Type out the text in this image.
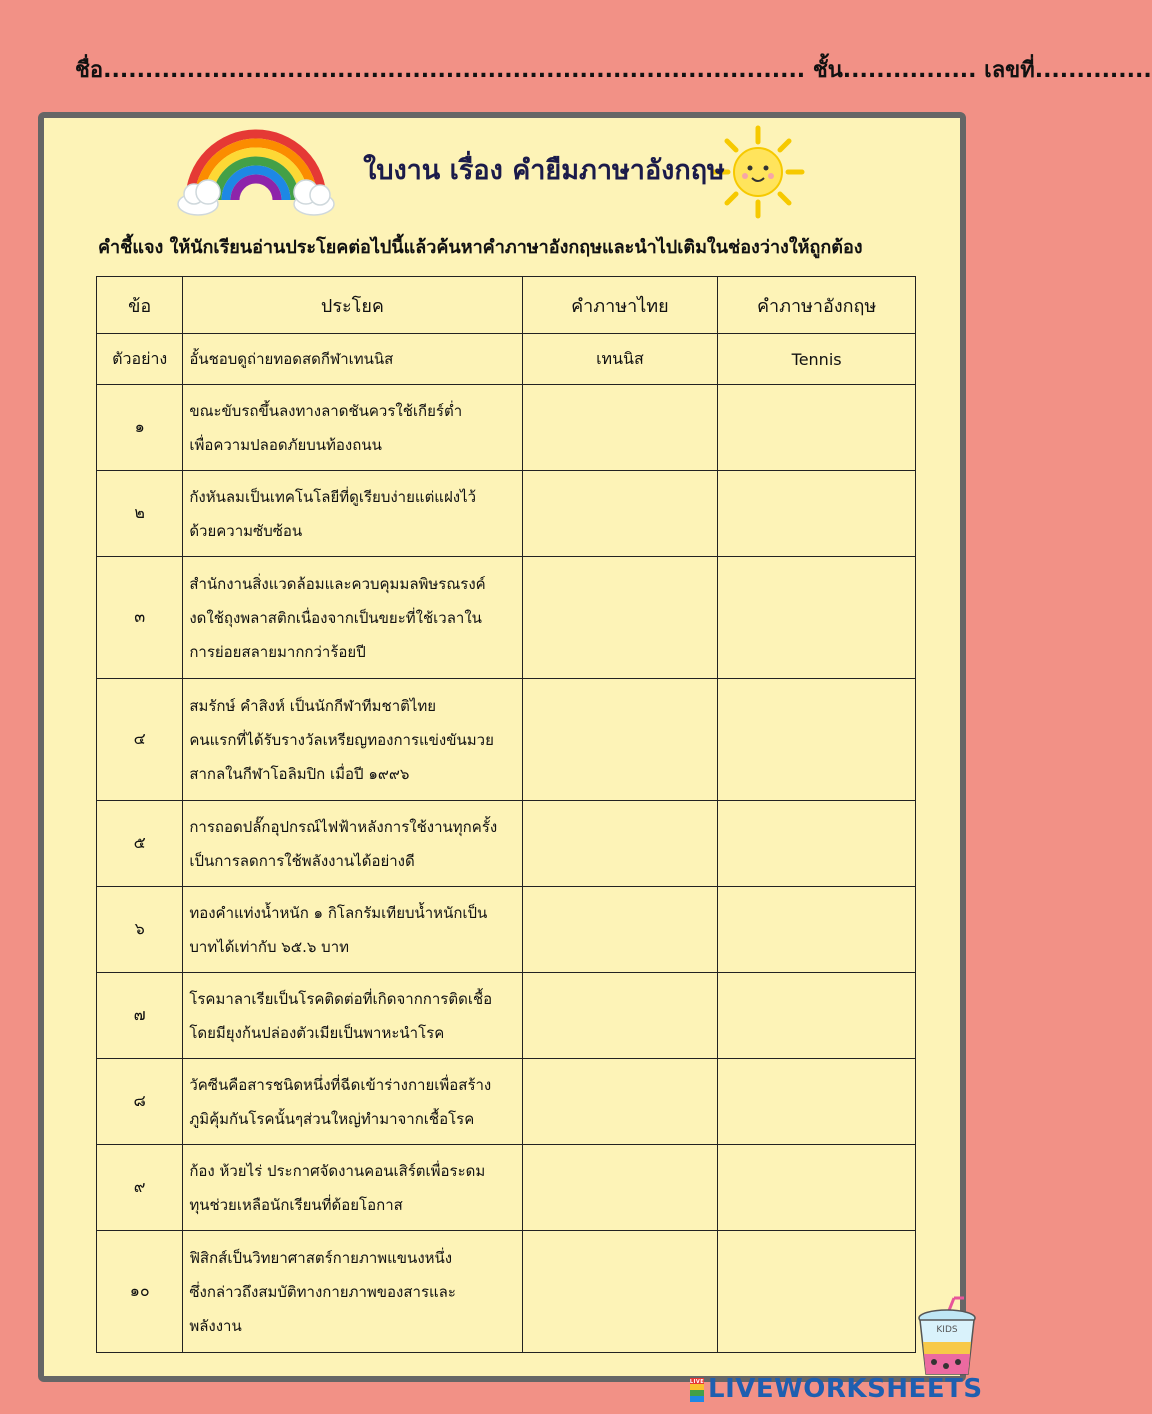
ชื่อ.................................................................................... ชั้น................ เลขที่..............
ใบงาน เรื่อง คำยืมภาษาอังกฤษ
คำชี้แจง ให้นักเรียนอ่านประโยคต่อไปนี้แล้วค้นหาคำภาษาอังกฤษและนำไปเติมในช่องว่างให้ถูกต้อง
ข้อ	ประโยค	คำภาษาไทย	คำภาษาอังกฤษ
ตัวอย่าง	อั้นชอบดูถ่ายทอดสดกีฬาเทนนิส	เทนนิส	Tennis
๑	ขณะขับรถขึ้นลงทางลาดชันควรใช้เกียร์ต่ำ
เพื่อความปลอดภัยบนท้องถนน		

๒	กังหันลมเป็นเทคโนโลยีที่ดูเรียบง่ายแต่แฝงไว้
ด้วยความซับซ้อน		

๓	สำนักงานสิ่งแวดล้อมและควบคุมมลพิษรณรงค์
งดใช้ถุงพลาสติกเนื่องจากเป็นขยะที่ใช้เวลาใน
การย่อยสลายมากกว่าร้อยปี		

๔	สมรักษ์ คำสิงห์ เป็นนักกีฬาทีมชาติไทย
คนแรกที่ได้รับรางวัลเหรียญทองการแข่งขันมวย
สากลในกีฬาโอลิมปิก เมื่อปี ๑๙๙๖		

๕	การถอดปลั๊กอุปกรณ์ไฟฟ้าหลังการใช้งานทุกครั้ง
เป็นการลดการใช้พลังงานได้อย่างดี		

๖	ทองคำแท่งน้ำหนัก ๑ กิโลกรัมเทียบน้ำหนักเป็น
บาทได้เท่ากับ ๖๕.๖ บาท		

๗	โรคมาลาเรียเป็นโรคติดต่อที่เกิดจากการติดเชื้อ
โดยมียุงก้นปล่องตัวเมียเป็นพาหะนำโรค		

๘	วัคซีนคือสารชนิดหนึ่งที่ฉีดเข้าร่างกายเพื่อสร้าง
ภูมิคุ้มกันโรคนั้นๆส่วนใหญ่ทำมาจากเชื้อโรค		

๙	ก้อง ห้วยไร่ ประกาศจัดงานคอนเสิร์ตเพื่อระดม
ทุนช่วยเหลือนักเรียนที่ด้อยโอกาส		

๑๐	ฟิสิกส์เป็นวิทยาศาสตร์กายภาพแขนงหนึ่ง
ซึ่งกล่าวถึงสมบัติทางกายภาพของสารและ
พลังงาน		
			KIDS
LIVE LIVEWORKSHEETS
